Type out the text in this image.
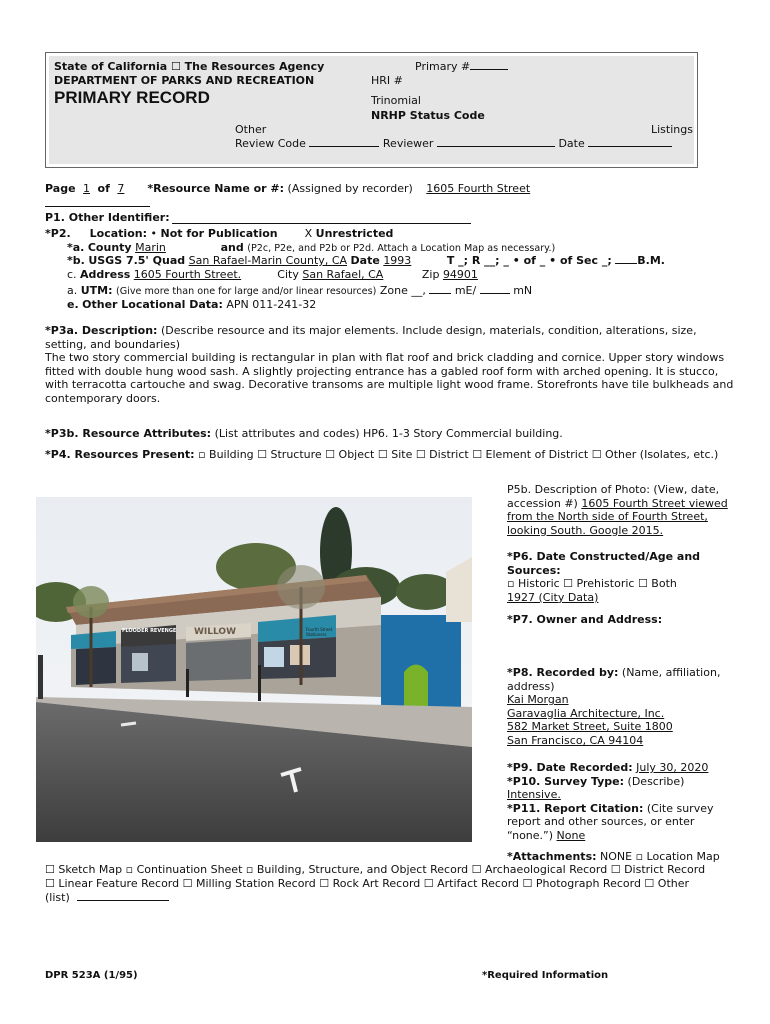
State of California ☐ The Resources Agency
DEPARTMENT OF PARKS AND RECREATION
PRIMARY RECORD
Primary #
HRI #
Trinomial
NRHP Status Code
Other	Listings
Review Code	Reviewer	Date
Page 1 of 7 *Resource Name or #: (Assigned by recorder) 1605 Fourth Street
P1. Other Identifier:
*P2. Location: • Not for Publication X Unrestricted
*a. County Marin	and (P2c, P2e, and P2b or P2d. Attach a Location Map as necessary.)
*b. USGS 7.5' Quad San Rafael-Marin County, CA Date 1993	T _; R __; _ • of _ • of Sec _; B.M.
c. Address 1605 Fourth Street.	City San Rafael, CA	Zip 94901
a. UTM: (Give more than one for large and/or linear resources) Zone __,	mE/	mN
e. Other Locational Data: APN 011-241-32
*P3a. Description: (Describe resource and its major elements. Include design, materials, condition, alterations, size, setting, and boundaries)
The two story commercial building is rectangular in plan with flat roof and brick cladding and cornice. Upper story windows fitted with double hung wood sash. A slightly projecting entrance has a gabled roof form with arched opening. It is stucco, with terracotta cartouche and swag. Decorative transoms are multiple light wood frame. Storefronts have tile bulkheads and contemporary doors.
*P3b. Resource Attributes: (List attributes and codes) HP6. 1-3 Story Commercial building.
*P4. Resources Present: ▫ Building ☐ Structure ☐ Object ☐ Site ☐ District ☐ Element of District ☐ Other (Isolates, etc.)
FLOODER REVENGE WILLOW	Fourth Street Stationers
P5b. Description of Photo: (View, date, accession #) 1605 Fourth Street viewed from the North side of Fourth Street, looking South. Google 2015.
*P6. Date Constructed/Age and Sources:
▫ Historic ☐ Prehistoric ☐ Both
1927 (City Data)
*P7. Owner and Address:
*P8. Recorded by: (Name, affiliation, address)
Kai Morgan
Garavaglia Architecture, Inc.
582 Market Street, Suite 1800
San Francisco, CA 94104
*P9. Date Recorded: July 30, 2020
*P10. Survey Type: (Describe)
Intensive.
*P11. Report Citation: (Cite survey report and other sources, or enter “none.”) None
*Attachments: NONE ▫ Location Map
☐ Sketch Map ▫ Continuation Sheet ▫ Building, Structure, and Object Record ☐ Archaeological Record ☐ District Record
☐ Linear Feature Record ☐ Milling Station Record ☐ Rock Art Record ☐ Artifact Record ☐ Photograph Record ☐ Other
(list)
DPR 523A (1/95)	*Required Information
